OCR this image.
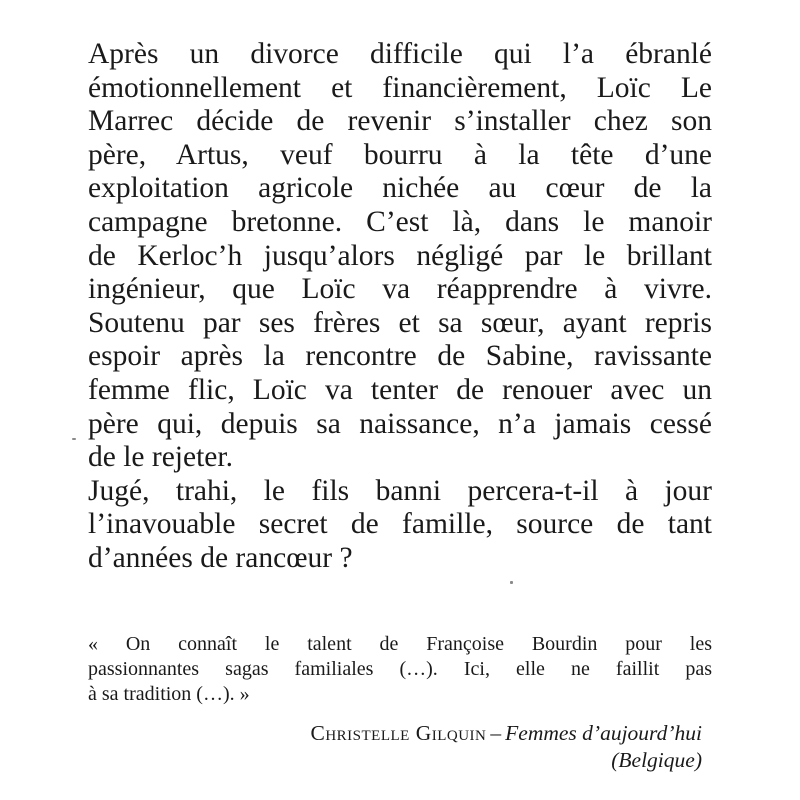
Après un divorce difficile qui l’a ébranlé
émotionnellement et financièrement, Loïc Le
Marrec décide de revenir s’installer chez son
père, Artus, veuf bourru à la tête d’une
exploitation agricole nichée au cœur de la
campagne bretonne. C’est là, dans le manoir
de Kerloc’h jusqu’alors négligé par le brillant
ingénieur, que Loïc va réapprendre à vivre.
Soutenu par ses frères et sa sœur, ayant repris
espoir après la rencontre de Sabine, ravissante
femme flic, Loïc va tenter de renouer avec un
père qui, depuis sa naissance, n’a jamais cessé
de le rejeter.
Jugé, trahi, le fils banni percera-t-il à jour
l’inavouable secret de famille, source de tant
d’années de rancœur ?
« On connaît le talent de Françoise Bourdin pour les
passionnantes sagas familiales (…). Ici, elle ne faillit pas
à sa tradition (…). »
Christelle Gilquin – Femmes d’aujourd’hui
(Belgique)
